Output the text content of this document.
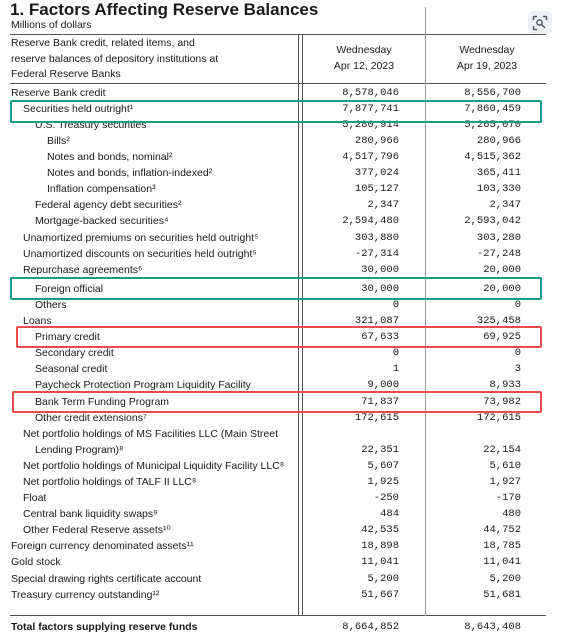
1. Factors Affecting Reserve Balances
Millions of dollars
Reserve Bank credit, related items, and
reserve balances of depository institutions at
Federal Reserve Banks
Wednesday
Apr 12, 2023
Wednesday
Apr 19, 2023
Reserve Bank credit	8,578,046	8,556,700
Securities held outright¹	7,877,741	7,860,459
U.S. Treasury securities	5,280,914	5,265,070
Bills²	280,966	280,966
Notes and bonds, nominal²	4,517,796	4,515,362
Notes and bonds, inflation-indexed²	377,024	365,411
Inflation compensation³	105,127	103,330
Federal agency debt securities²	2,347	2,347
Mortgage-backed securities⁴	2,594,480	2,593,042
Unamortized premiums on securities held outright⁵	303,880	303,280
Unamortized discounts on securities held outright⁵	-27,314	-27,248
Repurchase agreements⁶	30,000	20,000
Foreign official	30,000	20,000
Others	0	0
Loans	321,087	325,458
Primary credit	67,633	69,925
Secondary credit	0	0
Seasonal credit	1	3
Paycheck Protection Program Liquidity Facility	9,000	8,933
Bank Term Funding Program	71,837	73,982
Other credit extensions⁷	172,615	172,615
Net portfolio holdings of MS Facilities LLC (Main Street
Lending Program)⁸	22,351	22,154
Net portfolio holdings of Municipal Liquidity Facility LLC⁸	5,607	5,610
Net portfolio holdings of TALF II LLC⁸	1,925	1,927
Float	-250	-170
Central bank liquidity swaps⁹	484	480
Other Federal Reserve assets¹⁰	42,535	44,752
Foreign currency denominated assets¹¹	18,898	18,785
Gold stock	11,041	11,041
Special drawing rights certificate account	5,200	5,200
Treasury currency outstanding¹²	51,667	51,681
Total factors supplying reserve funds	8,664,852	8,643,408
